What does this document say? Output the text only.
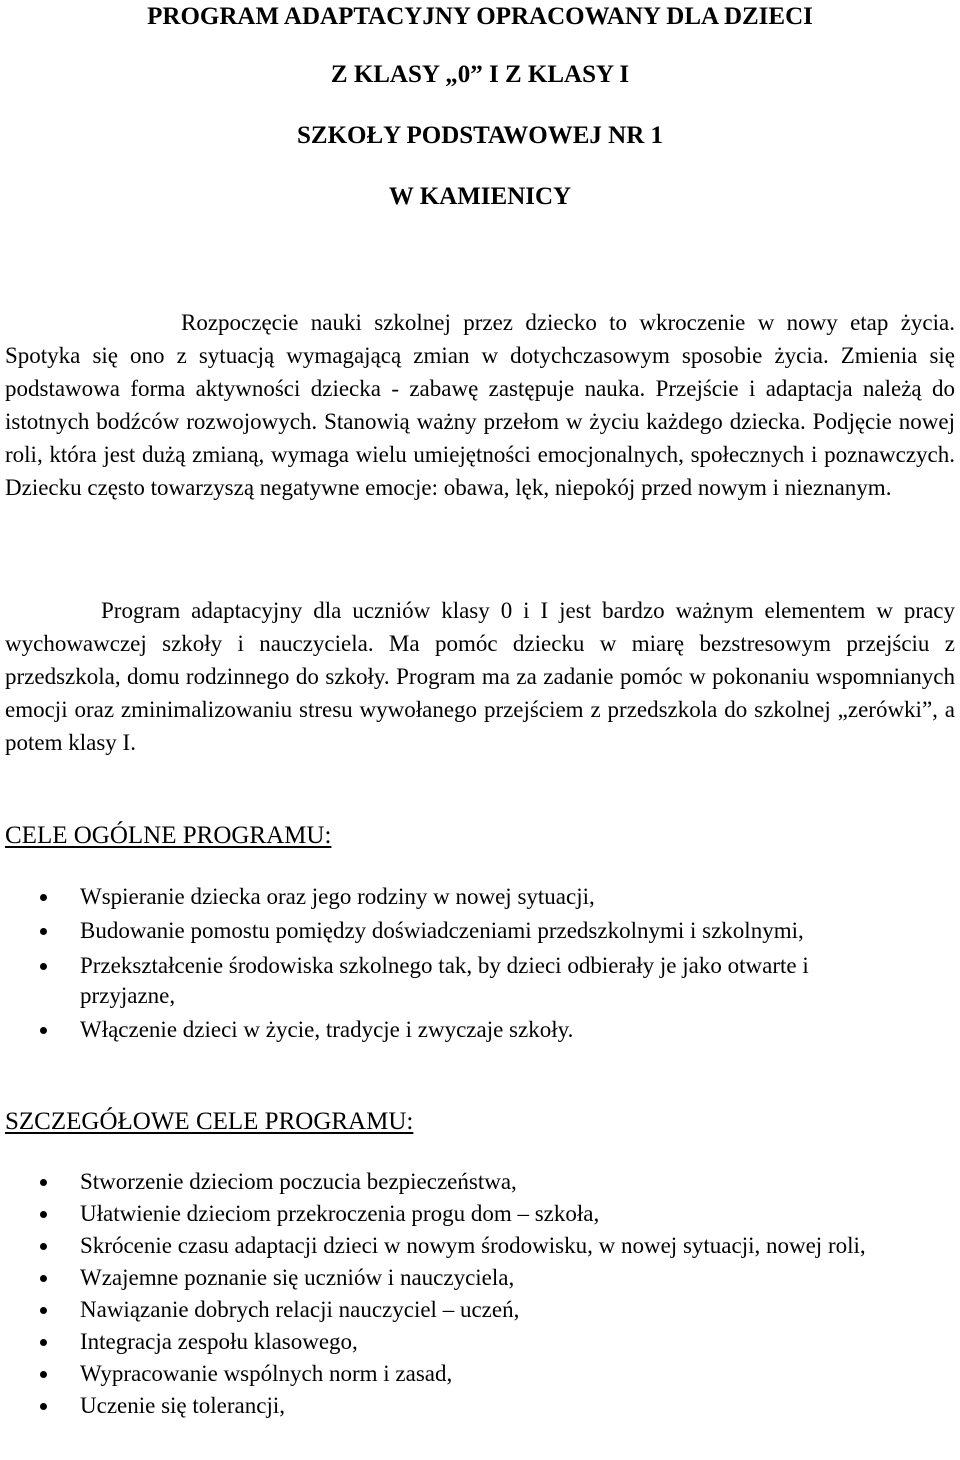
PROGRAM ADAPTACYJNY OPRACOWANY DLA DZIECI
Z KLASY „0” I Z KLASY I
SZKOŁY PODSTAWOWEJ NR 1
W KAMIENICY

Rozpoczęcie nauki szkolnej przez dziecko to wkroczenie w nowy etap życia. Spotyka się ono z sytuacją wymagającą zmian w dotychczasowym sposobie życia. Zmienia się podstawowa forma aktywności dziecka - zabawę zastępuje nauka. Przejście i adaptacja należą do istotnych bodźców rozwojowych. Stanowią ważny przełom w życiu każdego dziecka. Podjęcie nowej roli, która jest dużą zmianą, wymaga wielu umiejętności emocjonalnych, społecznych i poznawczych. Dziecku często towarzyszą negatywne emocje: obawa, lęk, niepokój przed nowym i nieznanym.

Program adaptacyjny dla uczniów klasy 0 i I jest bardzo ważnym elementem w pracy wychowawczej szkoły i nauczyciela. Ma pomóc dziecku w miarę bezstresowym przejściu z przedszkola, domu rodzinnego do szkoły. Program ma za zadanie pomóc w pokonaniu wspomnianych emocji oraz zminimalizowaniu stresu wywołanego przejściem z przedszkola do szkolnej „zerówki”, a potem klasy I.

CELE OGÓLNE PROGRAMU:
Wspieranie dziecka oraz jego rodziny w nowej sytuacji,
Budowanie pomostu pomiędzy doświadczeniami przedszkolnymi i szkolnymi,
Przekształcenie środowiska szkolnego tak, by dzieci odbierały je jako otwarte i przyjazne,
Włączenie dzieci w życie, tradycje i zwyczaje szkoły.
SZCZEGÓŁOWE CELE PROGRAMU:
Stworzenie dzieciom poczucia bezpieczeństwa,
Ułatwienie dzieciom przekroczenia progu dom – szkoła,
Skrócenie czasu adaptacji dzieci w nowym środowisku, w nowej sytuacji, nowej roli,
Wzajemne poznanie się uczniów i nauczyciela,
Nawiązanie dobrych relacji nauczyciel – uczeń,
Integracja zespołu klasowego,
Wypracowanie wspólnych norm i zasad,
Uczenie się tolerancji,
